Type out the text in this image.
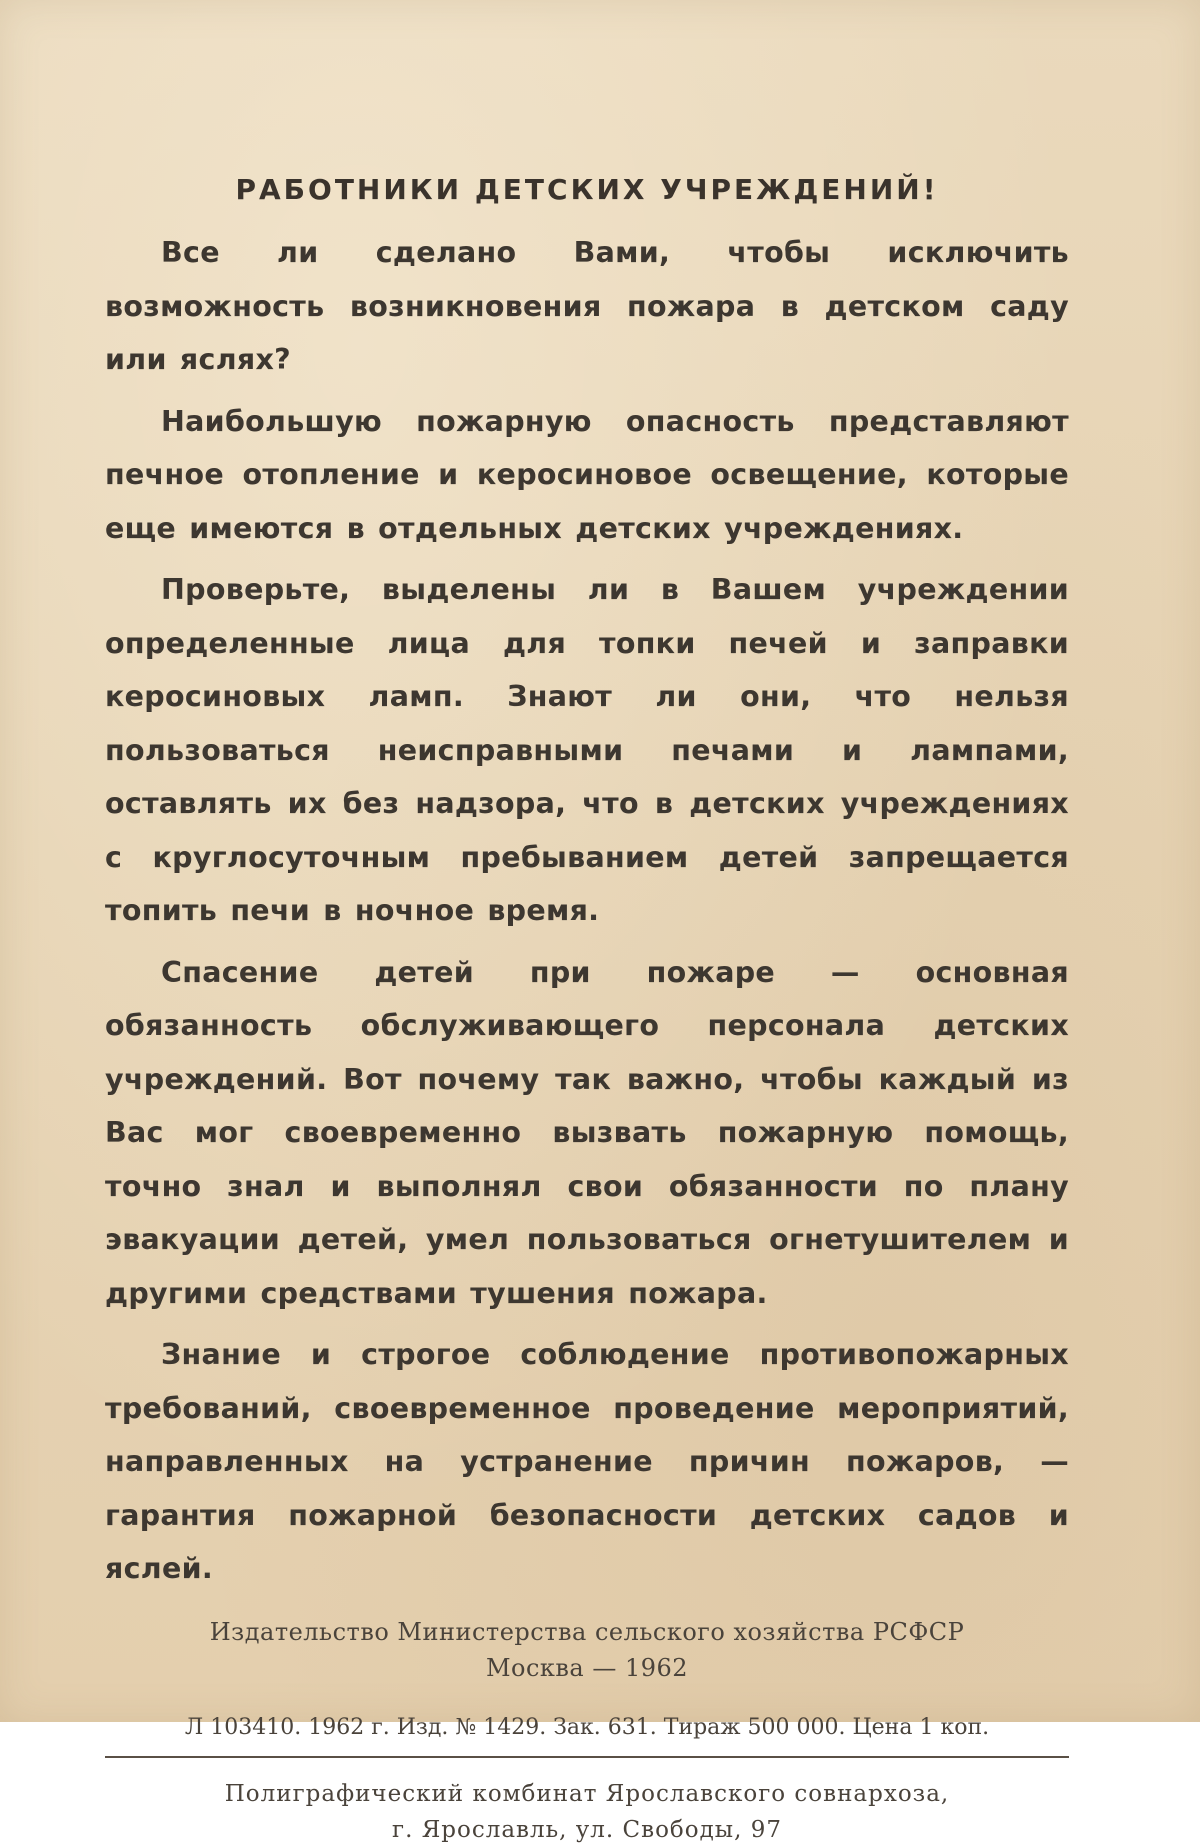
РАБОТНИКИ ДЕТСКИХ УЧРЕЖДЕНИЙ!

Все ли сделано Вами, чтобы исключить возможность возникновения пожара в детском саду или яслях?

Наибольшую пожарную опасность представляют печное отопление и керосиновое освещение, которые еще имеются в отдельных детских учреждениях.

Проверьте, выделены ли в Вашем учреждении определенные лица для топки печей и заправки керосиновых ламп. Знают ли они, что нельзя пользоваться неисправными печами и лампами, оставлять их без надзора, что в детских учреждениях с круглосуточным пребыванием детей запрещается топить печи в ночное время.

Спасение детей при пожаре — основная обязанность обслуживающего персонала детских учреждений. Вот почему так важно, чтобы каждый из Вас мог своевременно вызвать пожарную помощь, точно знал и выполнял свои обязанности по плану эвакуации детей, умел пользоваться огнетушителем и другими средствами тушения пожара.

Знание и строгое соблюдение противопожарных требований, своевременное проведение мероприятий, направленных на устранение причин пожаров, — гарантия пожарной безопасности детских садов и яслей.

Издательство Министерства сельского хозяйства РСФСР
Москва — 1962
Л 103410. 1962 г. Изд. № 1429. Зак. 631. Тираж 500 000. Цена 1 коп.
Полиграфический комбинат Ярославского совнархоза,
г. Ярославль, ул. Свободы, 97
